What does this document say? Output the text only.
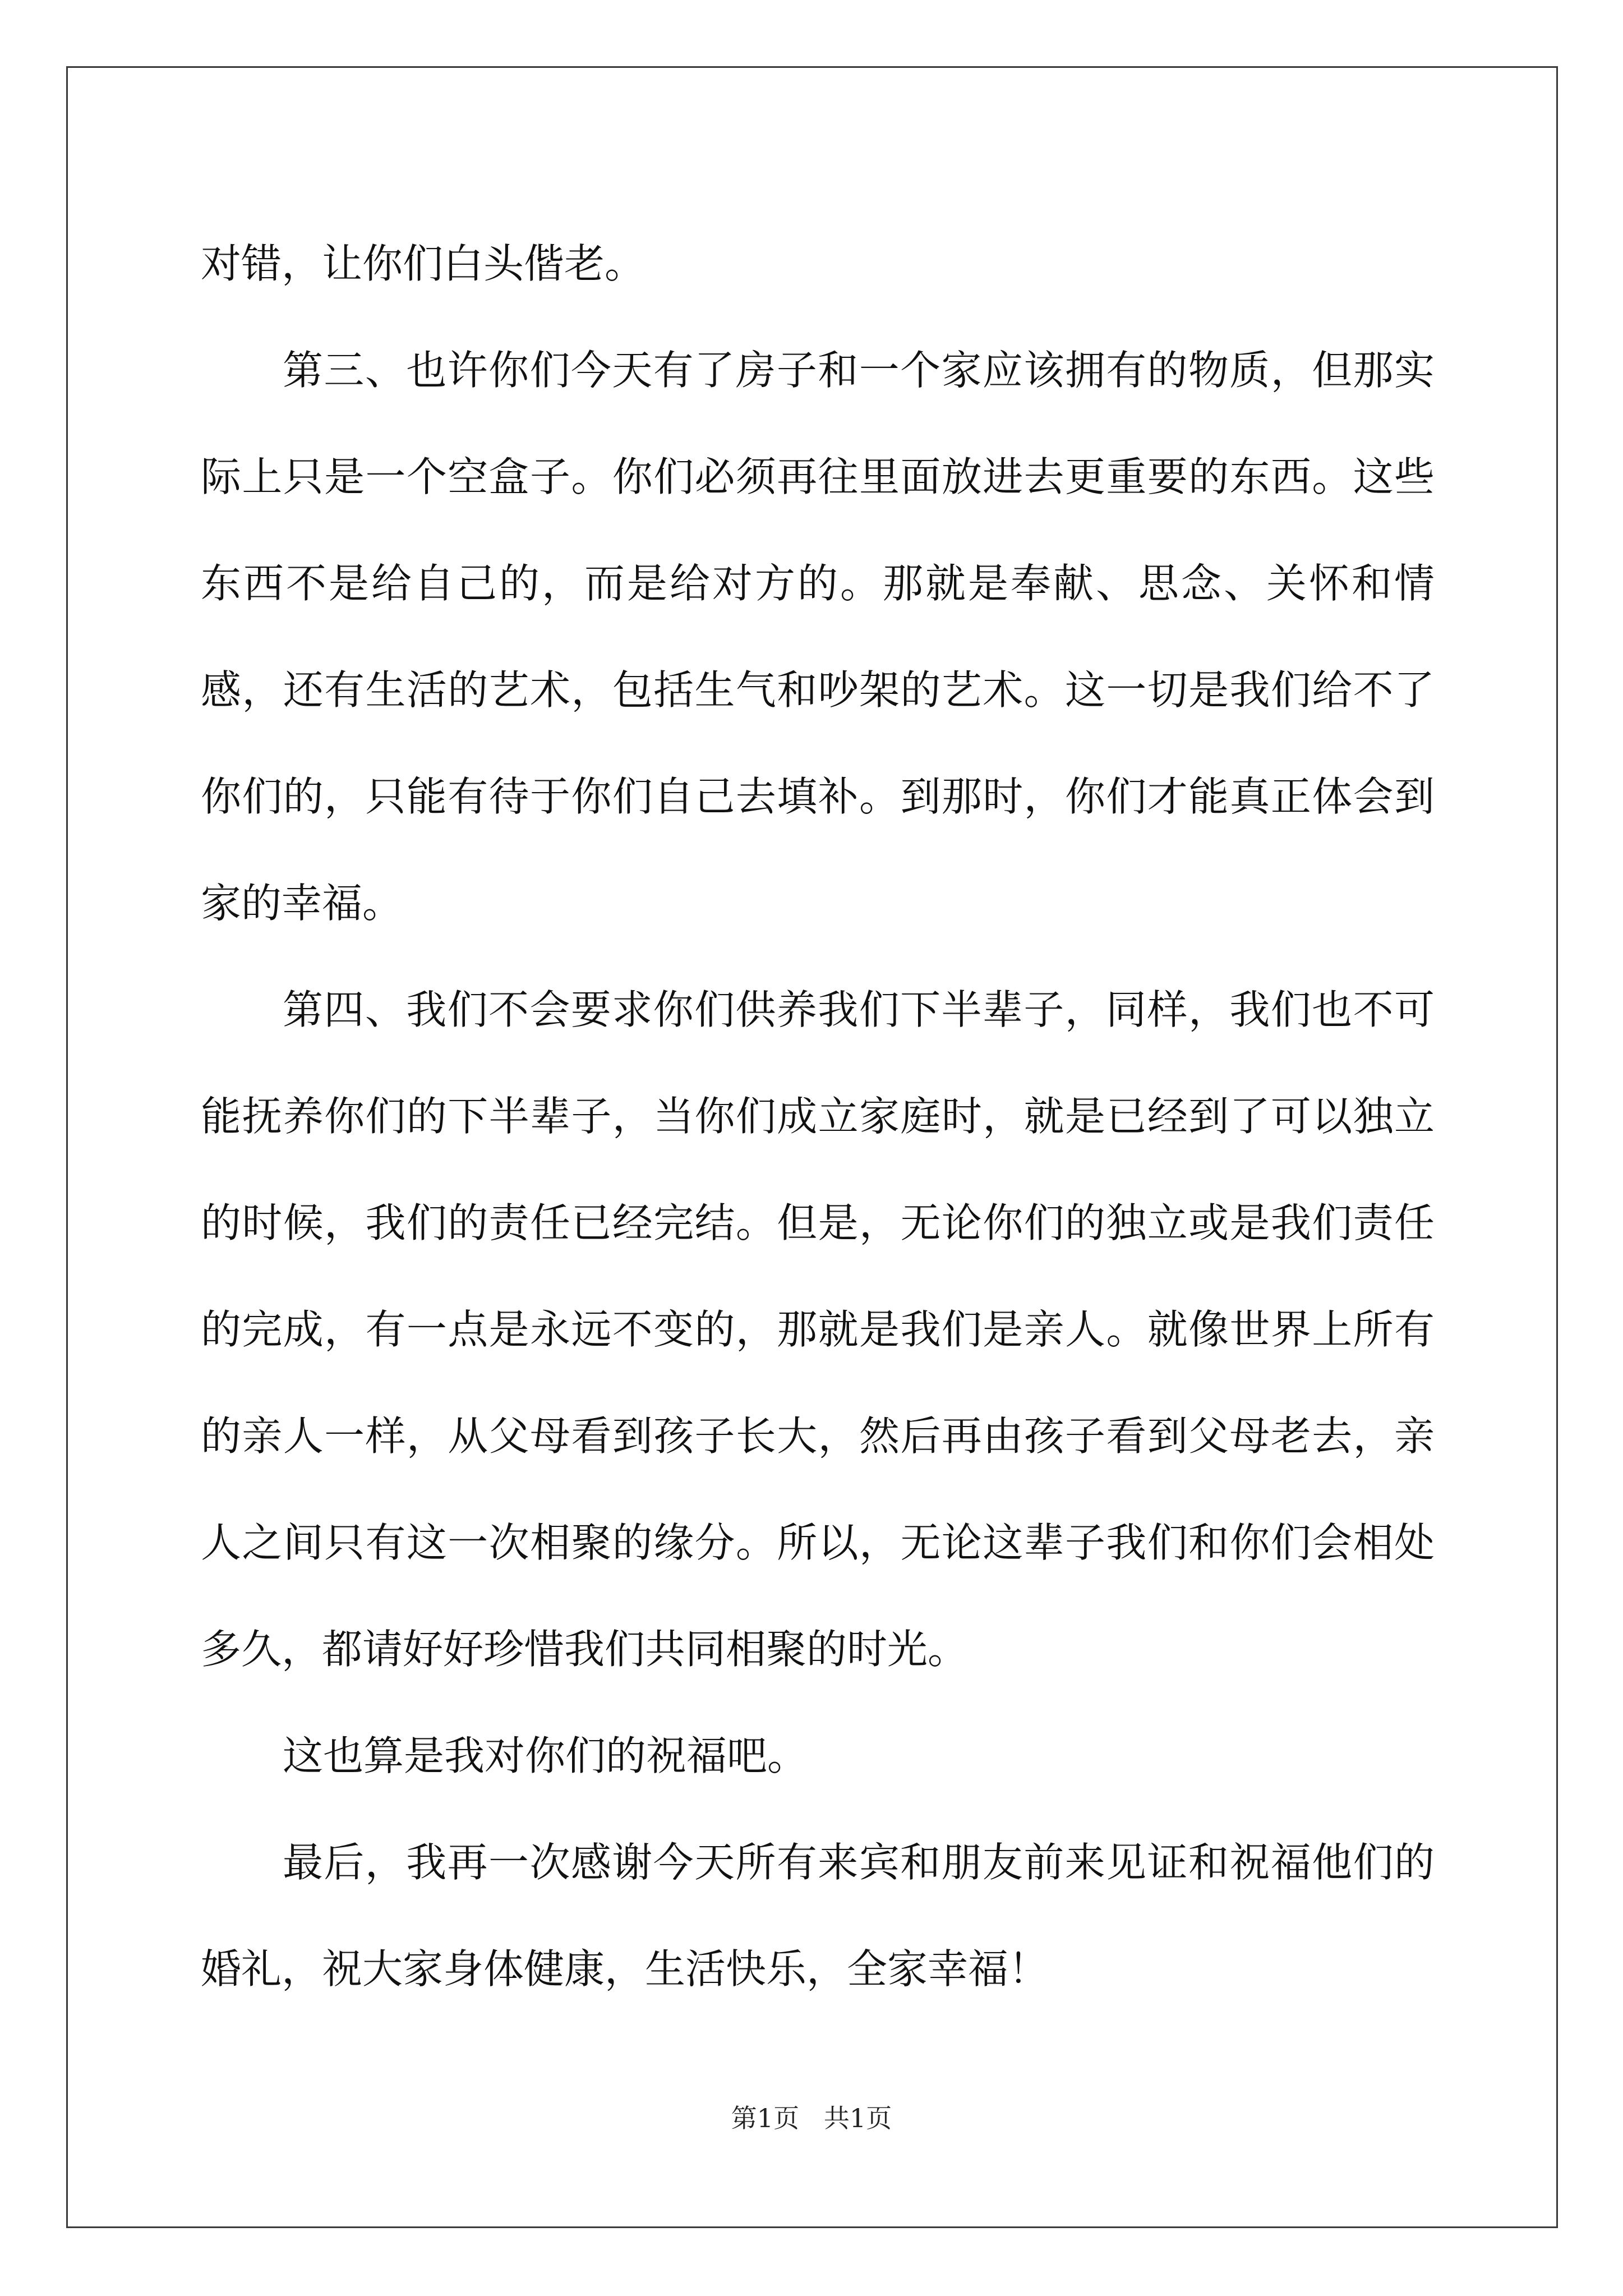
对错，让你们白头偕老。

第三、也许你们今天有了房子和一个家应该拥有的物质，但那实际上只是一个空盒子。你们必须再往里面放进去更重要的东西。这些东西不是给自己的，而是给对方的。那就是奉献、思念、关怀和情感，还有生活的艺术，包括生气和吵架的艺术。这一切是我们给不了你们的，只能有待于你们自己去填补。到那时，你们才能真正体会到家的幸福。

第四、我们不会要求你们供养我们下半辈子，同样，我们也不可能抚养你们的下半辈子，当你们成立家庭时，就是已经到了可以独立的时候，我们的责任已经完结。但是，无论你们的独立或是我们责任的完成，有一点是永远不变的，那就是我们是亲人。就像世界上所有的亲人一样，从父母看到孩子长大，然后再由孩子看到父母老去，亲人之间只有这一次相聚的缘分。所以，无论这辈子我们和你们会相处多久，都请好好珍惜我们共同相聚的时光。

这也算是我对你们的祝福吧。

最后，我再一次感谢今天所有来宾和朋友前来见证和祝福他们的婚礼，祝大家身体健康，生活快乐，全家幸福！

第1页   共1页
